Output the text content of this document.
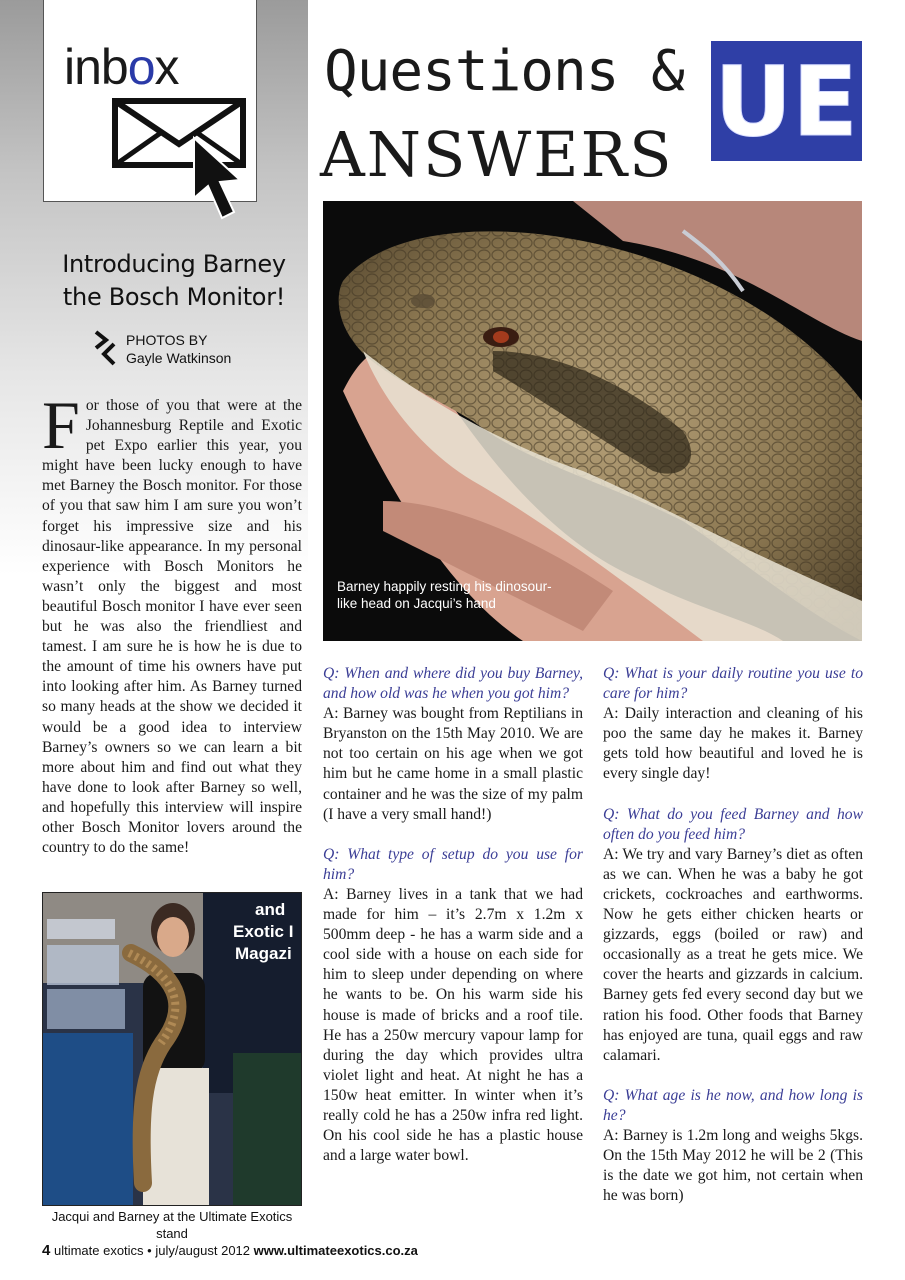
inbox
Introducing Barney the Bosch Monitor!
PHOTOS BY
Gayle Watkinson
For those of you that were at the Johannesburg Reptile and Exotic pet Expo earlier this year, you might have been lucky enough to have met Barney the Bosch monitor. For those of you that saw him I am sure you won’t forget his impressive size and his dinosaur-like appearance. In my personal experience with Bosch Monitors he wasn’t only the biggest and most beautiful Bosch monitor I have ever seen but he was also the friendliest and tamest. I am sure he is how he is due to the amount of time his owners have put into looking after him. As Barney turned so many heads at the show we decided it would be a good idea to interview Barney’s owners so we can learn a bit more about him and find out what they have done to look after Barney so well, and hopefully this interview will inspire other Bosch Monitor lovers around the country to do the same!
and
Exotic I
Magazi
Jacqui and Barney at the Ultimate Exotics stand
Questions &
ANSWERS UE
Barney happily resting his dinosour-like head on Jacqui’s hand
Q: When and where did you buy Barney, and how old was he when you got him?
A: Barney was bought from Reptilians in Bryanston on the 15th May 2010. We are not too certain on his age when we got him but he came home in a small plastic container and he was the size of my palm (I have a very small hand!)
Q: What type of setup do you use for him?
A: Barney lives in a tank that we had made for him – it’s 2.7m x 1.2m x 500mm deep - he has a warm side and a cool side with a house on each side for him to sleep under depending on where he wants to be. On his warm side his house is made of bricks and a roof tile. He has a 250w mercury vapour lamp for during the day which provides ultra violet light and heat. At night he has a 150w heat emitter. In winter when it’s really cold he has a 250w infra red light. On his cool side he has a plastic house and a large water bowl.
Q: What is your daily routine you use to care for him?
A: Daily interaction and cleaning of his poo the same day he makes it. Barney gets told how beautiful and loved he is every single day!
Q: What do you feed Barney and how often do you feed him?
A: We try and vary Barney’s diet as often as we can. When he was a baby he got crickets, cockroaches and earthworms. Now he gets either chicken hearts or gizzards, eggs (boiled or raw) and occasionally as a treat he gets mice. We cover the hearts and gizzards in calcium. Barney gets fed every second day but we ration his food. Other foods that Barney has enjoyed are tuna, quail eggs and raw calamari.
Q: What age is he now, and how long is he?
A: Barney is 1.2m long and weighs 5kgs. On the 15th May 2012 he will be 2 (This is the date we got him, not certain when he was born)
4 ultimate exotics • july/august 2012 www.ultimateexotics.co.za
